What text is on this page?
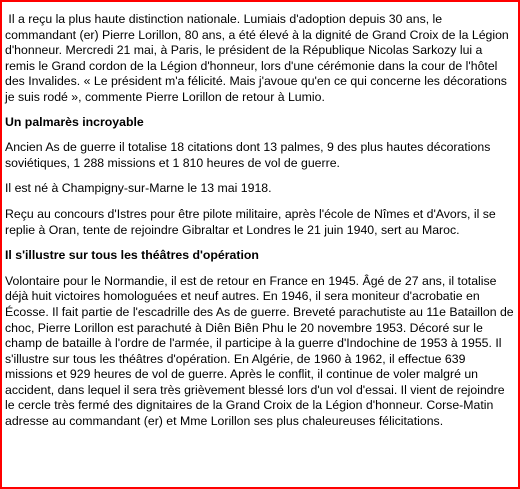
Il a reçu la plus haute distinction nationale. Lumiais d'adoption depuis 30 ans, le commandant (er) Pierre Lorillon, 80 ans, a été élevé à la dignité de Grand Croix de la Légion d'honneur. Mercredi 21 mai, à Paris, le président de la République Nicolas Sarkozy lui a remis le Grand cordon de la Légion d'honneur, lors d'une cérémonie dans la cour de l'hôtel des Invalides. « Le président m'a félicité. Mais j'avoue qu'en ce qui concerne les décorations je suis rodé », commente Pierre Lorillon de retour à Lumio.

Un palmarès incroyable

Ancien As de guerre il totalise 18 citations dont 13 palmes, 9 des plus hautes décorations soviétiques, 1 288 missions et 1 810 heures de vol de guerre.

Il est né à Champigny-sur-Marne le 13 mai 1918.

Reçu au concours d'Istres pour être pilote militaire, après l'école de Nîmes et d'Avors, il se replie à Oran, tente de rejoindre Gibraltar et Londres le 21 juin 1940, sert au Maroc.

Il s'illustre sur tous les théâtres d'opération

Volontaire pour le Normandie, il est de retour en France en 1945. Âgé de 27 ans, il totalise déjà huit victoires homologuées et neuf autres. En 1946, il sera moniteur d'acrobatie en Écosse. Il fait partie de l'escadrille des As de guerre. Breveté parachutiste au 11e Bataillon de choc, Pierre Lorillon est parachuté à Diên Biên Phu le 20 novembre 1953. Décoré sur le champ de bataille à l'ordre de l'armée, il participe à la guerre d'Indochine de 1953 à 1955. Il s'illustre sur tous les théâtres d'opération. En Algérie, de 1960 à 1962, il effectue 639 missions et 929 heures de vol de guerre. Après le conflit, il continue de voler malgré un accident, dans lequel il sera très grièvement blessé lors d'un vol d'essai. Il vient de rejoindre le cercle très fermé des dignitaires de la Grand Croix de la Légion d'honneur. Corse-Matin adresse au commandant (er) et Mme Lorillon ses plus chaleureuses félicitations.
